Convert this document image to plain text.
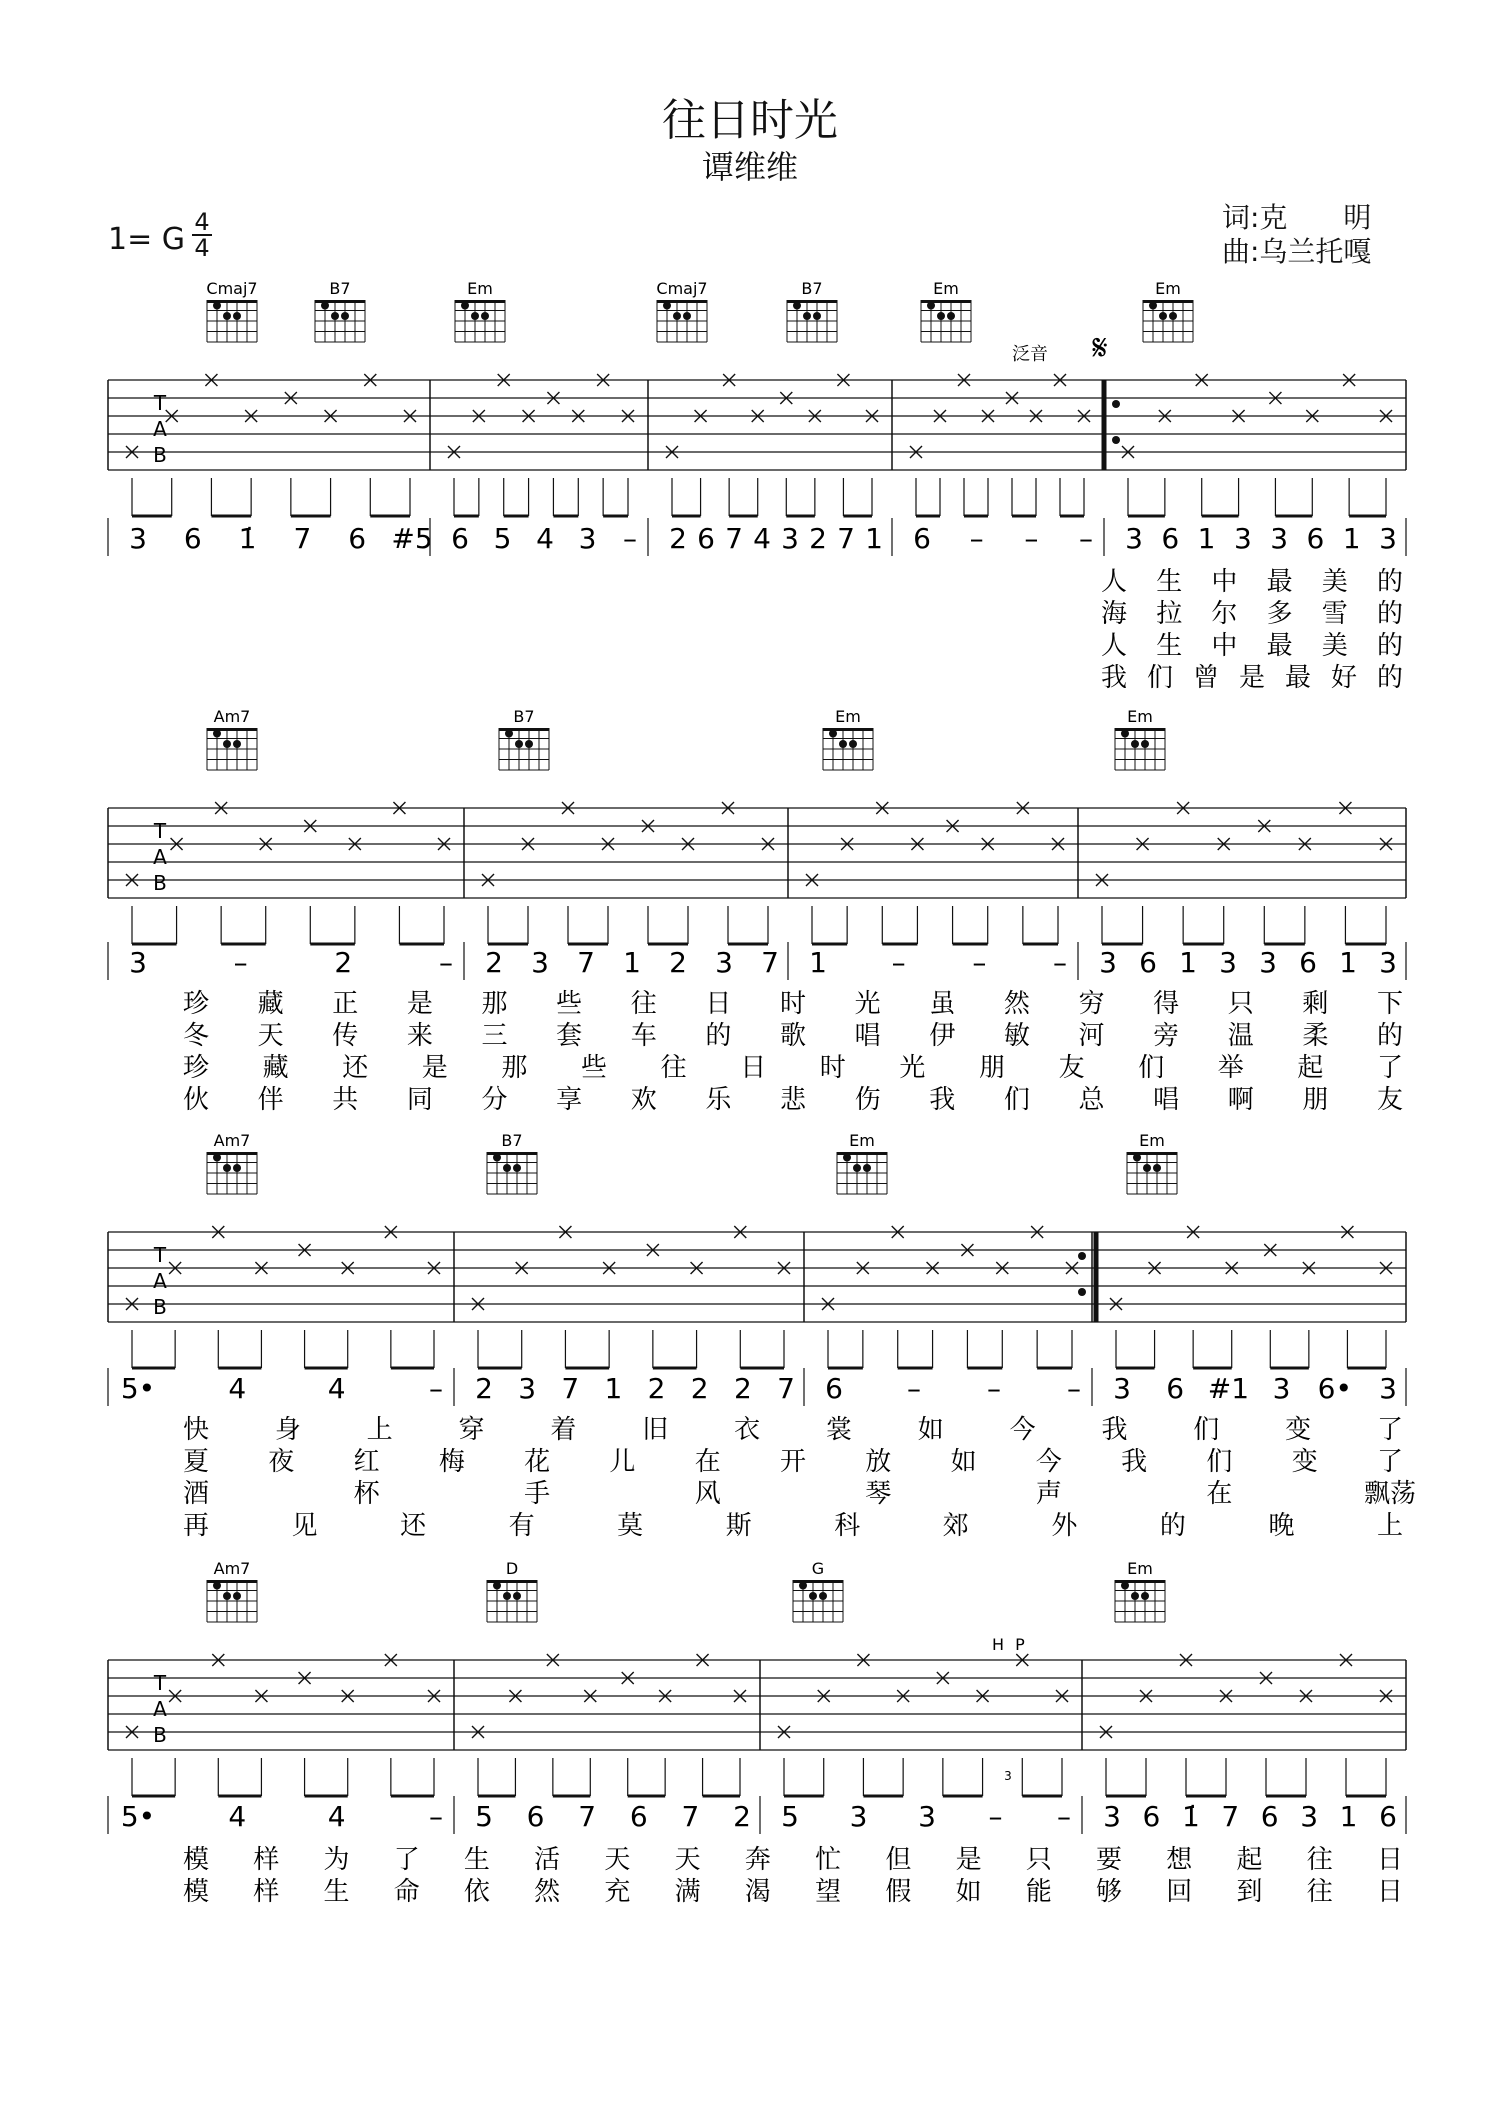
往日时光
谭维维
词:克　　明
曲:乌兰托嘎
1= G 4
4
Cmaj7	B7	Em	Cmaj7	B7	Em	Em
T
A
B
3 6 1̇ 7 6 #5 6 5 4 3 – 2 6 7 4 3 2 7 1 6 – – – 3 6 1 3 3 6 1 3
人 生 中 最 美 的
海 拉 尔 多 雪 的
人 生 中 最 美 的
我 们 曾 是 最 好 的
Am7	B7	Em	Em
T
A
B
3	–	2	– 2 3 7 1 2 3 7 1 – – – 3 6 1 3 3 6 1 3
珍 藏 正 是 那 些 往 日 时 光 虽 然 穷 得 只 剩 下
冬 天 传 来 三 套 车 的 歌 唱 伊 敏 河 旁 温 柔 的
珍 藏 还 是 那 些 往 日 时 光 朋 友 们 举 起 了
伙 伴 共 同 分 享 欢 乐 悲 伤 我 们 总 唱 啊 朋 友
Am7	B7	Em	Em
T
A
B
5•	4	4	– 2 3 7 1 2 2 2 7 6 – – – 3 6 #1 3 6• 3
快	身	上	穿	着	旧	衣	裳	如	今	我	们	变	了
夏 夜 红 梅 花 儿 在 开 放 如 今 我 们 变 了
酒	杯	手	风	琴	声	在	飘荡
再	见	还	有	莫	斯	科	郊	外	的	晚	上
Am7	D	G	Em
T
A
B
5•	4	4	– 5 6 7 6 7 2 5 3 3 – – 3 6 1̇ 7 6 3 1 6
模 样 为 了 生 活 天 天 奔 忙 但 是 只 要 想 起 往 日
模 样 生 命 依 然 充 满 渴 望 假 如 能 够 回 到 往 日
泛音 𝄋
H P
3
